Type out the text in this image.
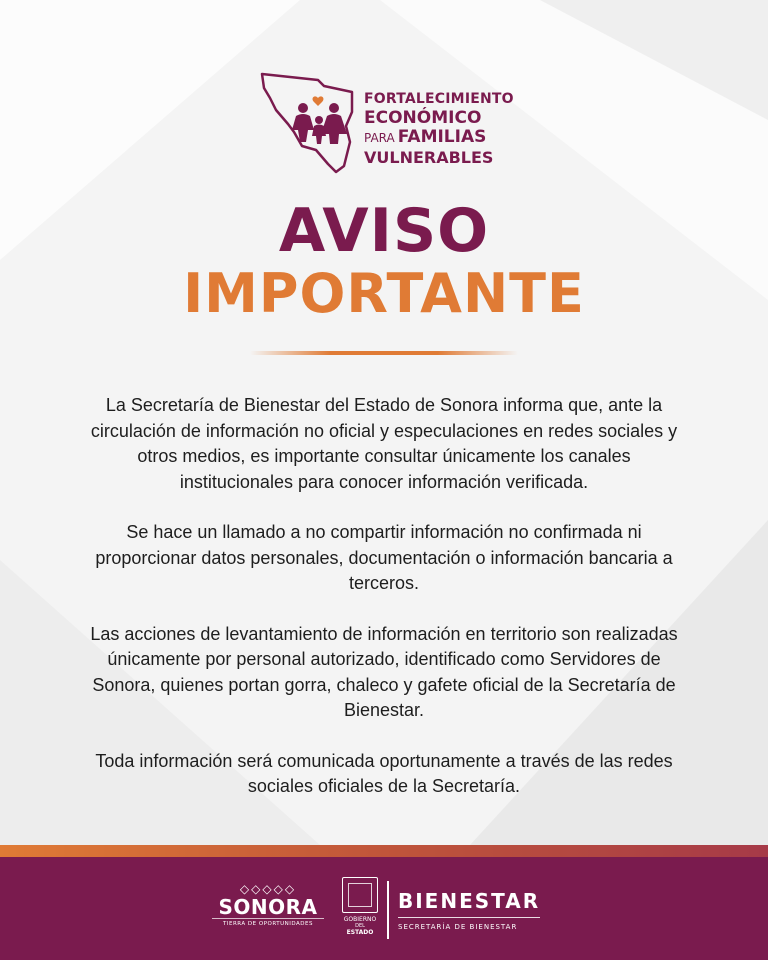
FORTALECIMIENTO
ECONÓMICO
PARA FAMILIAS
VULNERABLES
AVISO
IMPORTANTE

La Secretaría de Bienestar del Estado de Sonora informa que, ante la circulación de información no oficial y especulaciones en redes sociales y otros medios, es importante consultar únicamente los canales institucionales para conocer información verificada.

Se hace un llamado a no compartir información no confirmada ni proporcionar datos personales, documentación o información bancaria a terceros.

Las acciones de levantamiento de información en territorio son realizadas únicamente por personal autorizado, identificado como Servidores de Sonora, quienes portan gorra, chaleco y gafete oficial de la Secretaría de Bienestar.

Toda información será comunicada oportunamente a través de las redes sociales oficiales de la Secretaría.

◇◇◇◇◇
SONORA
TIERRA DE OPORTUNIDADES
GOBIERNO
DEL
ESTADO
BIENESTAR
SECRETARÍA DE BIENESTAR
